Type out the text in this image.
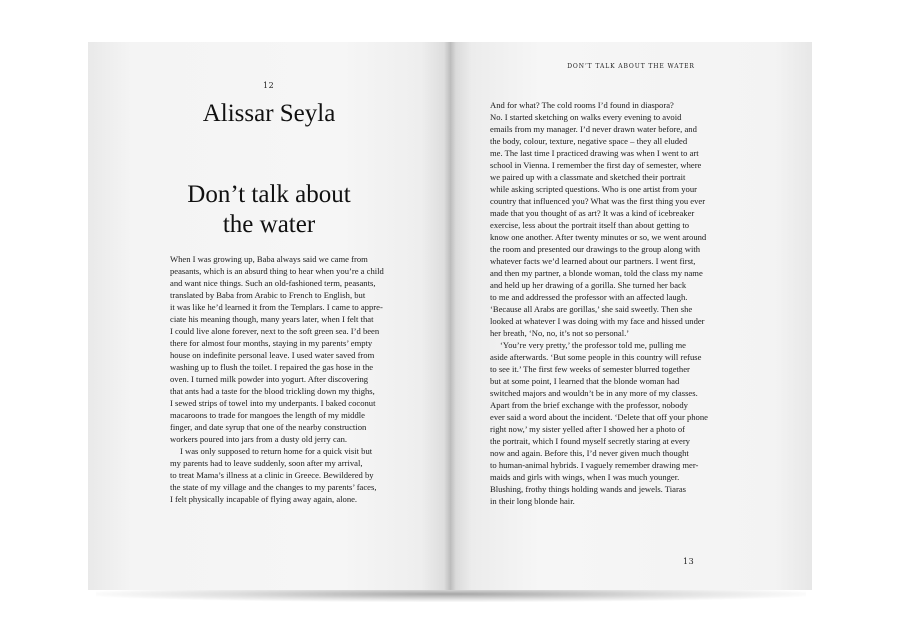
12
Alissar Seyla
Don’t talk about
the water
When I was growing up, Baba always said we came from
peasants, which is an absurd thing to hear when you’re a child
and want nice things. Such an old-fashioned term, peasants,
translated by Baba from Arabic to French to English, but
it was like he’d learned it from the Templars. I came to appre-
ciate his meaning though, many years later, when I felt that
I could live alone forever, next to the soft green sea. I’d been
there for almost four months, staying in my parents’ empty
house on indefinite personal leave. I used water saved from
washing up to flush the toilet. I repaired the gas hose in the
oven. I turned milk powder into yogurt. After discovering
that ants had a taste for the blood trickling down my thighs,
I sewed strips of towel into my underpants. I baked coconut
macaroons to trade for mangoes the length of my middle
finger, and date syrup that one of the nearby construction
workers poured into jars from a dusty old jerry can.
I was only supposed to return home for a quick visit but
my parents had to leave suddenly, soon after my arrival,
to treat Mama’s illness at a clinic in Greece. Bewildered by
the state of my village and the changes to my parents’ faces,
I felt physically incapable of flying away again, alone.
DON’T TALK ABOUT THE WATER
And for what? The cold rooms I’d found in diaspora?
No. I started sketching on walks every evening to avoid
emails from my manager. I’d never drawn water before, and
the body, colour, texture, negative space – they all eluded
me. The last time I practiced drawing was when I went to art
school in Vienna. I remember the first day of semester, where
we paired up with a classmate and sketched their portrait
while asking scripted questions. Who is one artist from your
country that influenced you? What was the first thing you ever
made that you thought of as art? It was a kind of icebreaker
exercise, less about the portrait itself than about getting to
know one another. After twenty minutes or so, we went around
the room and presented our drawings to the group along with
whatever facts we’d learned about our partners. I went first,
and then my partner, a blonde woman, told the class my name
and held up her drawing of a gorilla. She turned her back
to me and addressed the professor with an affected laugh.
‘Because all Arabs are gorillas,’ she said sweetly. Then she
looked at whatever I was doing with my face and hissed under
her breath, ‘No, no, it’s not so personal.’
‘You’re very pretty,’ the professor told me, pulling me
aside afterwards. ‘But some people in this country will refuse
to see it.’ The first few weeks of semester blurred together
but at some point, I learned that the blonde woman had
switched majors and wouldn’t be in any more of my classes.
Apart from the brief exchange with the professor, nobody
ever said a word about the incident. ‘Delete that off your phone
right now,’ my sister yelled after I showed her a photo of
the portrait, which I found myself secretly staring at every
now and again. Before this, I’d never given much thought
to human-animal hybrids. I vaguely remember drawing mer-
maids and girls with wings, when I was much younger.
Blushing, frothy things holding wands and jewels. Tiaras
in their long blonde hair.
13
